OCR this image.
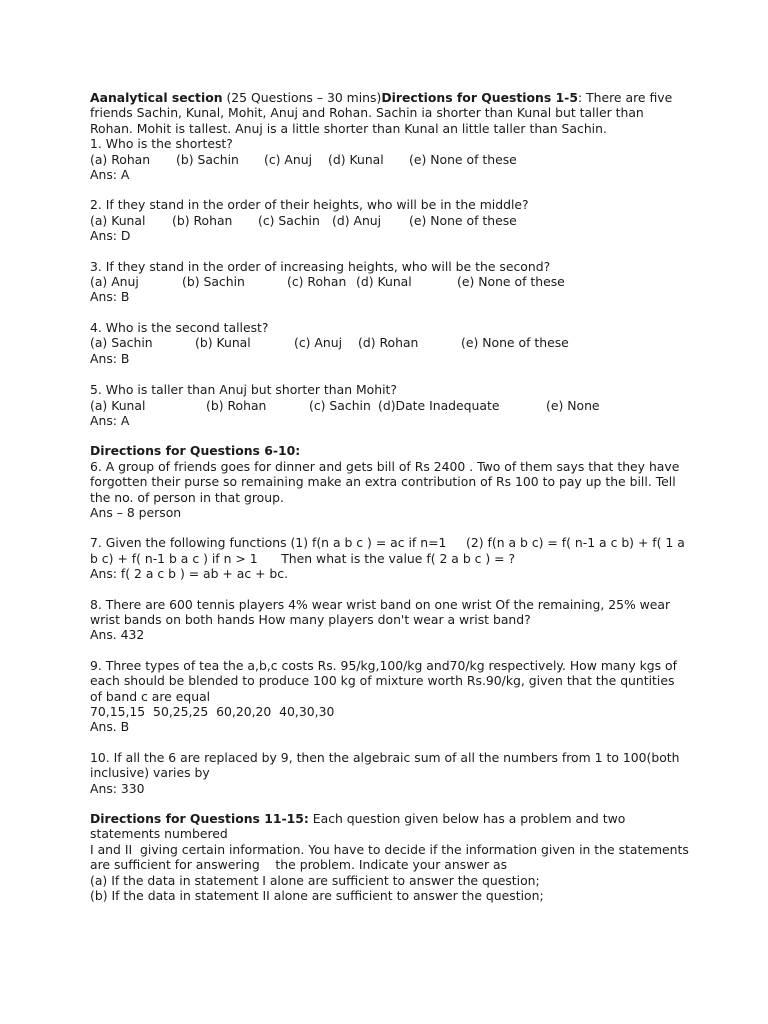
Aanalytical section (25 Questions – 30 mins)Directions for Questions 1-5: There are five friends Sachin, Kunal, Mohit, Anuj and Rohan. Sachin ia shorter than Kunal but taller than Rohan. Mohit is tallest. Anuj is a little shorter than Kunal an little taller than Sachin.

1. Who is the shortest?

(a) Rohan	(b) Sachin	(c) Anuj	(d) Kunal	(e) None of these

Ans: A

2. If they stand in the order of their heights, who will be in the middle?

(a) Kunal	(b) Rohan	(c) Sachin (d) Anuj	(e) None of these

Ans: D

3. If they stand in the order of increasing heights, who will be the second?

(a) Anuj	(b) Sachin	(c) Rohan (d) Kunal	(e) None of these

Ans: B

4. Who is the second tallest?

(a) Sachin	(b) Kunal	(c) Anuj	(d) Rohan	(e) None of these

Ans: B

5. Who is taller than Anuj but shorter than Mohit?

(a) Kunal	(b) Rohan	(c) Sachin (d)Date Inadequate	(e) None

Ans: A

Directions for Questions 6-10:

6. A group of friends goes for dinner and gets bill of Rs 2400 . Two of them says that they have forgotten their purse so remaining make an extra contribution of Rs 100 to pay up the bill. Tell the no. of person in that group.

Ans – 8 person

7. Given the following functions (1) f(n a b c ) = ac if n=1     (2) f(n a b c) = f( n-1 a c b) + f( 1 a b c) + f( n-1 b a c ) if n > 1      Then what is the value f( 2 a b c ) = ?

Ans: f( 2 a c b ) = ab + ac + bc.

8. There are 600 tennis players 4% wear wrist band on one wrist Of the remaining, 25% wear wrist bands on both hands How many players don't wear a wrist band?

Ans. 432

9. Three types of tea the a,b,c costs Rs. 95/kg,100/kg and70/kg respectively. How many kgs of each should be blended to produce 100 kg of mixture worth Rs.90/kg, given that the quntities of band c are equal

70,15,15  50,25,25  60,20,20  40,30,30

Ans. B

10. If all the 6 are replaced by 9, then the algebraic sum of all the numbers from 1 to 100(both inclusive) varies by

Ans: 330

Directions for Questions 11-15: Each question given below has a problem and two statements numbered

I and II  giving certain information. You have to decide if the information given in the statements are sufficient for answering    the problem. Indicate your answer as

(a) If the data in statement I alone are sufficient to answer the question;

(b) If the data in statement II alone are sufficient to answer the question;
